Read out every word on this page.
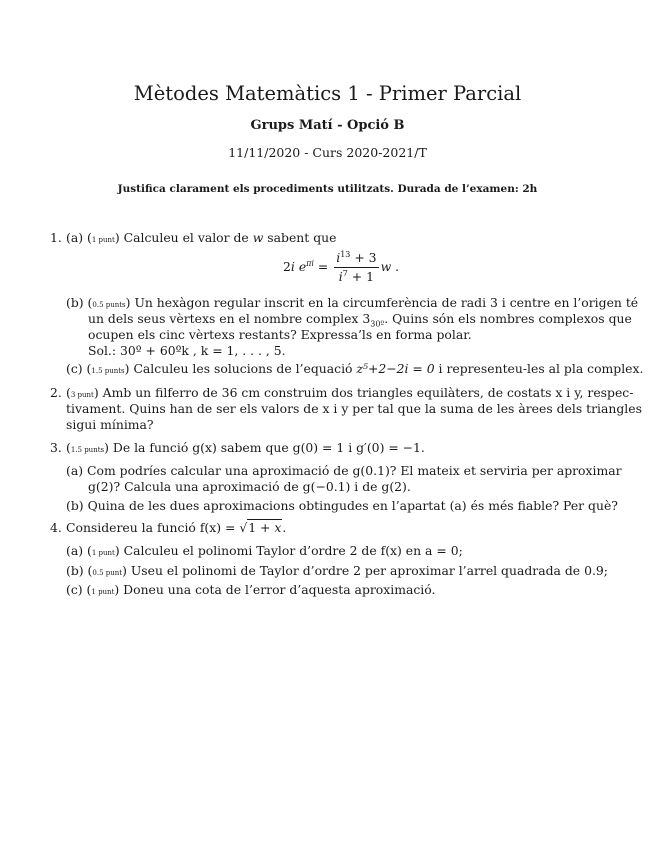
Mètodes Matemàtics 1 - Primer Parcial
Grups Matí - Opció B
11/11/2020 - Curs 2020-2021/T
Justifica clarament els procediments utilitzats. Durada de l’examen: 2h
1. (a) (1 punt) Calculeu el valor de w sabent que
2i $e^{\pi i} = \frac{i^{13} + 3}{i^7 + 1}$ w .
(b) (0.5 punts) Un hexàgon regular inscrit en la circumferència de radi 3 i centre en l’origen té
un dels seus vèrtexs en el nombre complex $3_{30º}$. Quins són els nombres complexos que
ocupen els cinc vèrtexs restants? Expressa’ls en forma polar.
Sol.: 30º + 60ºk , k = 1, . . . , 5.
(c) (1.5 punts) Calculeu les solucions de l’equació z⁵+2−2i = 0 i representeu-les al pla complex.
2. (3 punt) Amb un filferro de 36 cm construim dos triangles equilàters, de costats x i y, respec-
tivament. Quins han de ser els valors de x i y per tal que la suma de les àrees dels triangles
sigui mínima?
3. (1.5 punts) De la funció g(x) sabem que g(0) = 1 i g′(0) = −1.
(a) Com podríes calcular una aproximació de g(0.1)? El mateix et serviria per aproximar
g(2)? Calcula una aproximació de g(−0.1) i de g(2).
(b) Quina de les dues aproximacions obtingudes en l’apartat (a) és més fiable? Per què?
4. Considereu la funció f(x) = √1 + x.
(a) (1 punt) Calculeu el polinomi Taylor d’ordre 2 de f(x) en a = 0;
(b) (0.5 punt) Useu el polinomi de Taylor d’ordre 2 per aproximar l’arrel quadrada de 0.9;
(c) (1 punt) Doneu una cota de l’error d’aquesta aproximació.
